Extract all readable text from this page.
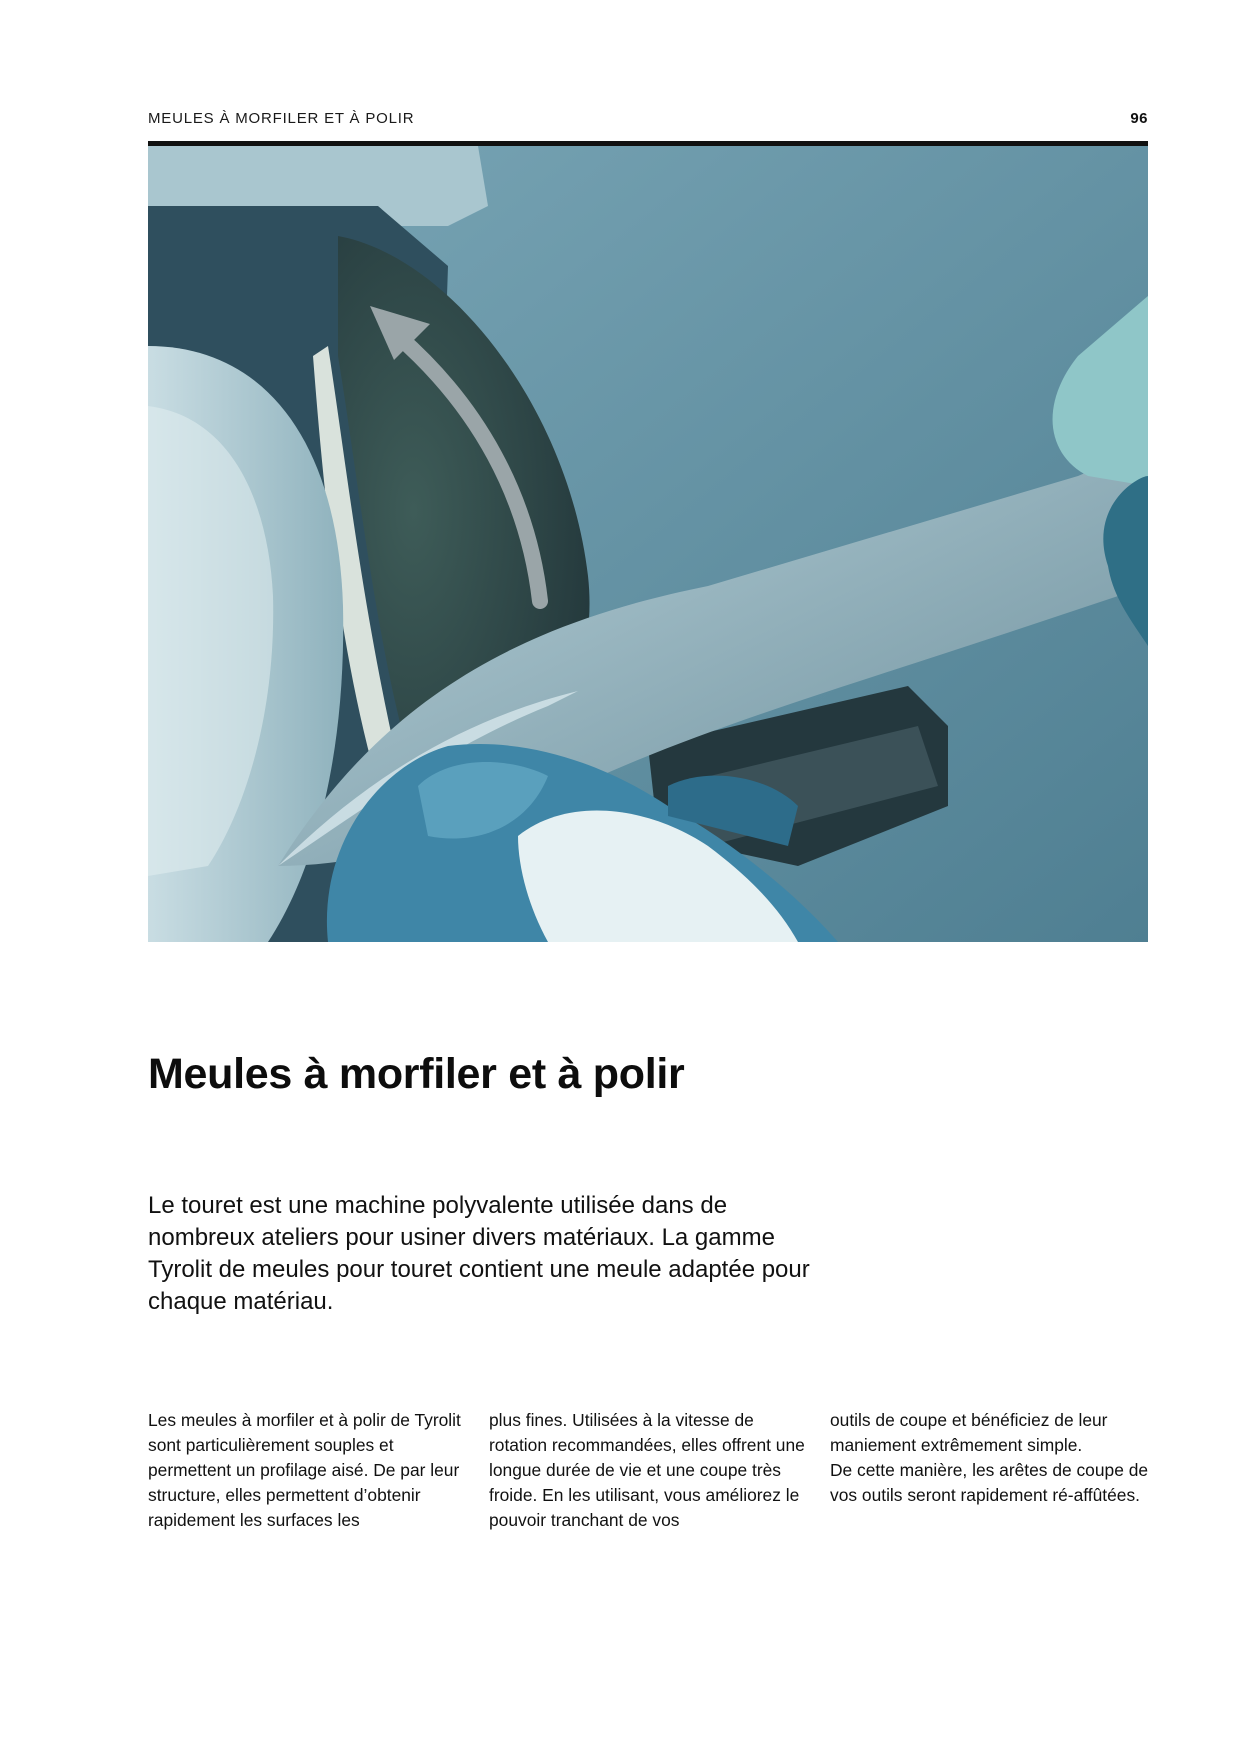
MEULES À MORFILER ET À POLIR	96
Meules à morfiler et à polir

Le touret est une machine polyvalente utilisée dans de nombreux ateliers pour usiner divers matériaux. La gamme Tyrolit de meules pour touret contient une meule adaptée pour chaque matériau.

Les meules à morfiler et à polir de Tyrolit sont particulièrement souples et permettent un profilage aisé. De par leur structure, elles permettent d’obtenir rapidement les surfaces les

plus fines. Utilisées à la vitesse de rotation recommandées, elles offrent une longue durée de vie et une coupe très froide. En les utilisant, vous améliorez le pouvoir tranchant de vos

outils de coupe et bénéficiez de leur maniement extrêmement simple.

De cette manière, les arêtes de coupe de vos outils seront rapidement ré-affûtées.
